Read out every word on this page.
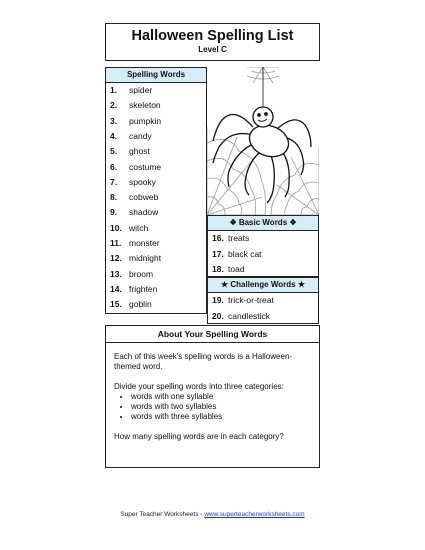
Halloween Spelling List
Level C
Spelling Words
1. spider
2. skeleton
3. pumpkin
4. candy
5. ghost
6. costume
7. spooky
8. cobweb
9. shadow
10. witch
11. monster
12. midnight
13. broom
14. frighten
15. goblin
❖ Basic Words ❖
16. treats
17. black cat
18. toad
★ Challenge Words ★
19. trick-or-treat
20. candlestick
About Your Spelling Words
Each of this week's spelling words is a Halloween-themed word.
Divide your spelling words into three categories:
• words with one syllable
• words with two syllables
• words with three syllables
How many spelling words are in each category?
Super Teacher Worksheets - www.superteacherworksheets.com
